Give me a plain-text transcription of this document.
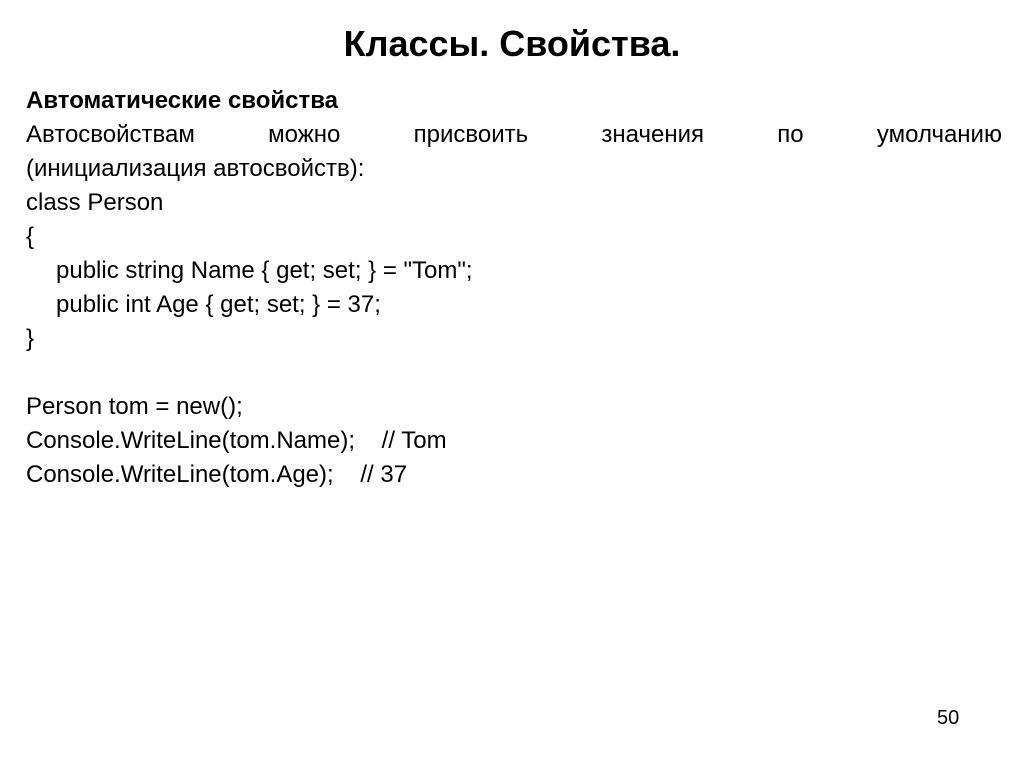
Классы. Свойства.
Автоматические свойства
Автосвойствам	можно	присвоить	значения	по	умолчанию
(инициализация автосвойств):
class Person
{
public string Name { get; set; } = "Tom";
public int Age { get; set; } = 37;
}
Person tom = new();
Console.WriteLine(tom.Name);    // Tom
Console.WriteLine(tom.Age);    // 37
50
